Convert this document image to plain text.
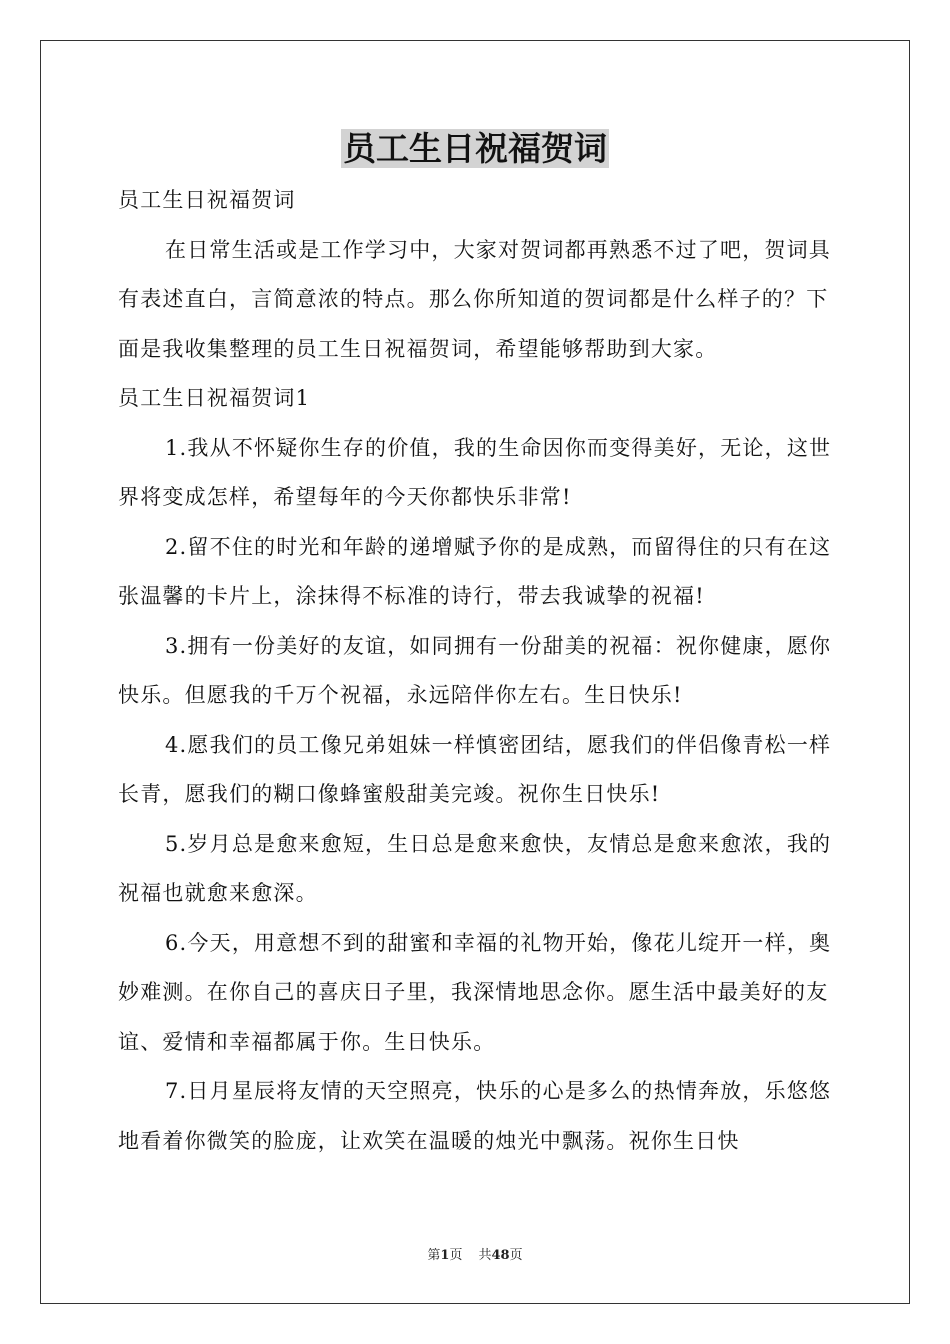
员工生日祝福贺词

员工生日祝福贺词

在日常生活或是工作学习中，大家对贺词都再熟悉不过了吧，贺词具有表述直白，言简意浓的特点。那么你所知道的贺词都是什么样子的？下面是我收集整理的员工生日祝福贺词，希望能够帮助到大家。

员工生日祝福贺词1

1.我从不怀疑你生存的价值，我的生命因你而变得美好，无论，这世界将变成怎样，希望每年的今天你都快乐非常!

2.留不住的时光和年龄的递增赋予你的是成熟，而留得住的只有在这张温馨的卡片上，涂抹得不标准的诗行，带去我诚挚的祝福!

3.拥有一份美好的友谊，如同拥有一份甜美的祝福：祝你健康，愿你快乐。但愿我的千万个祝福，永远陪伴你左右。生日快乐!

4.愿我们的员工像兄弟姐妹一样慎密团结，愿我们的伴侣像青松一样长青，愿我们的糊口像蜂蜜般甜美完竣。祝你生日快乐!

5.岁月总是愈来愈短，生日总是愈来愈快，友情总是愈来愈浓，我的祝福也就愈来愈深。

6.今天，用意想不到的甜蜜和幸福的礼物开始，像花儿绽开一样，奥妙难测。在你自己的喜庆日子里，我深情地思念你。愿生活中最美好的友谊、爱情和幸福都属于你。生日快乐。

7.日月星辰将友情的天空照亮，快乐的心是多么的热情奔放，乐悠悠地看着你微笑的脸庞，让欢笑在温暖的烛光中飘荡。祝你生日快

第1页 共48页
